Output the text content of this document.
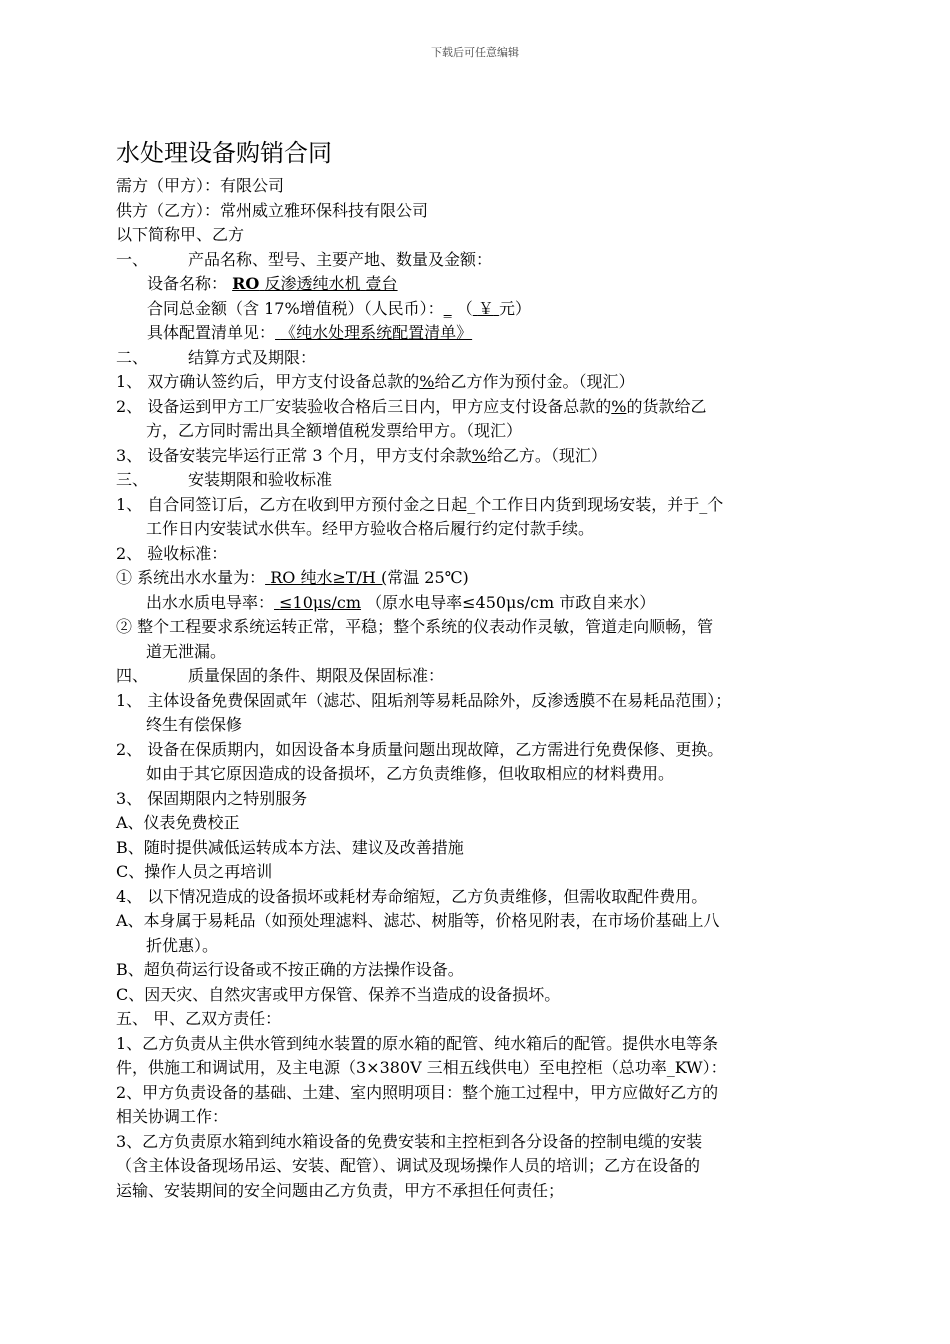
下载后可任意编辑
水处理设备购销合同
需方（甲方）：有限公司
供方（乙方）：常州威立雅环保科技有限公司
以下简称甲、乙方
一、	产品名称、型号、主要产地、数量及金额：
设备名称： RO 反渗透纯水机 壹台
合同总金额（含 17%增值税）（人民币）：_ （ ￥ 元）
具体配置清单见： 《纯水处理系统配置清单》
二、	结算方式及期限：
1、 双方确认签约后，甲方支付设备总款的%给乙方作为预付金。（现汇）
2、 设备运到甲方工厂安装验收合格后三日内，甲方应支付设备总款的%的货款给乙
方，乙方同时需出具全额增值税发票给甲方。（现汇）
3、 设备安装完毕运行正常 3 个月，甲方支付余款%给乙方。（现汇）
三、	安装期限和验收标准
1、 自合同签订后，乙方在收到甲方预付金之日起_个工作日内货到现场安装，并于_个
工作日内安装试水供车。经甲方验收合格后履行约定付款手续。
2、 验收标准：
① 系统出水水量为： RO 纯水≥T/H (常温 25℃)
出水水质电导率： ≤10μs/cm （原水电导率≤450μs/cm 市政自来水）
② 整个工程要求系统运转正常，平稳；整个系统的仪表动作灵敏，管道走向顺畅，管
道无泄漏。
四、	质量保固的条件、期限及保固标准：
1、 主体设备免费保固贰年（滤芯、阻垢剂等易耗品除外，反渗透膜不在易耗品范围）；
终生有偿保修
2、 设备在保质期内，如因设备本身质量问题出现故障，乙方需进行免费保修、更换。
如由于其它原因造成的设备损坏，乙方负责维修，但收取相应的材料费用。
3、 保固期限内之特别服务
A、仪表免费校正
B、随时提供减低运转成本方法、建议及改善措施
C、操作人员之再培训
4、 以下情况造成的设备损坏或耗材寿命缩短，乙方负责维修，但需收取配件费用。
A、本身属于易耗品（如预处理滤料、滤芯、树脂等，价格见附表，在市场价基础上八
折优惠）。
B、超负荷运行设备或不按正确的方法操作设备。
C、因天灾、自然灾害或甲方保管、保养不当造成的设备损坏。
五、 甲、乙双方责任：
1、乙方负责从主供水管到纯水装置的原水箱的配管、纯水箱后的配管。提供水电等条
件，供施工和调试用，及主电源（3×380V 三相五线供电）至电控柜（总功率_KW）：
2、甲方负责设备的基础、土建、室内照明项目：整个施工过程中，甲方应做好乙方的
相关协调工作：
3、乙方负责原水箱到纯水箱设备的免费安装和主控柜到各分设备的控制电缆的安装
（含主体设备现场吊运、安装、配管）、调试及现场操作人员的培训；乙方在设备的
运输、安装期间的安全问题由乙方负责，甲方不承担任何责任；
